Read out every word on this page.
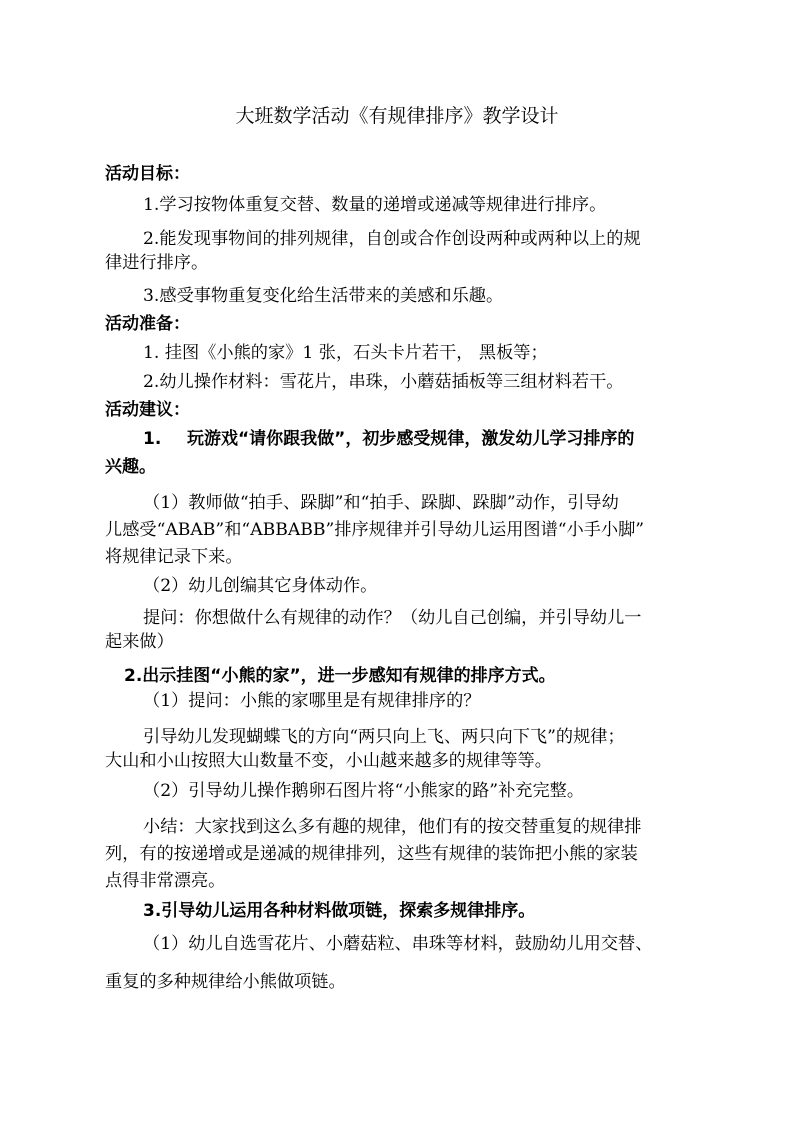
大班数学活动《有规律排序》教学设计
活动目标：
1.学习按物体重复交替、数量的递增或递减等规律进行排序。
2.能发现事物间的排列规律，自创或合作创设两种或两种以上的规
律进行排序。
3.感受事物重复变化给生活带来的美感和乐趣。
活动准备：
1. 挂图《小熊的家》1 张，石头卡片若干， 黑板等；
2.幼儿操作材料：雪花片，串珠，小蘑菇插板等三组材料若干。
活动建议：
1. 玩游戏“请你跟我做”，初步感受规律，激发幼儿学习排序的
兴趣。
（1）教师做“拍手、跺脚”和“拍手、跺脚、跺脚”动作，引导幼
儿感受“ABAB”和“ABBABB”排序规律并引导幼儿运用图谱“小手小脚”
将规律记录下来。
（2）幼儿创编其它身体动作。
提问：你想做什么有规律的动作？（幼儿自己创编，并引导幼儿一
起来做）
2.出示挂图“小熊的家”，进一步感知有规律的排序方式。
（1）提问：小熊的家哪里是有规律排序的？
引导幼儿发现蝴蝶飞的方向“两只向上飞、两只向下飞”的规律；
大山和小山按照大山数量不变，小山越来越多的规律等等。
（2）引导幼儿操作鹅卵石图片将“小熊家的路”补充完整。
小结：大家找到这么多有趣的规律，他们有的按交替重复的规律排
列，有的按递增或是递减的规律排列，这些有规律的装饰把小熊的家装
点得非常漂亮。
3.引导幼儿运用各种材料做项链，探索多规律排序。
（1）幼儿自选雪花片、小蘑菇粒、串珠等材料，鼓励幼儿用交替、
重复的多种规律给小熊做项链。
